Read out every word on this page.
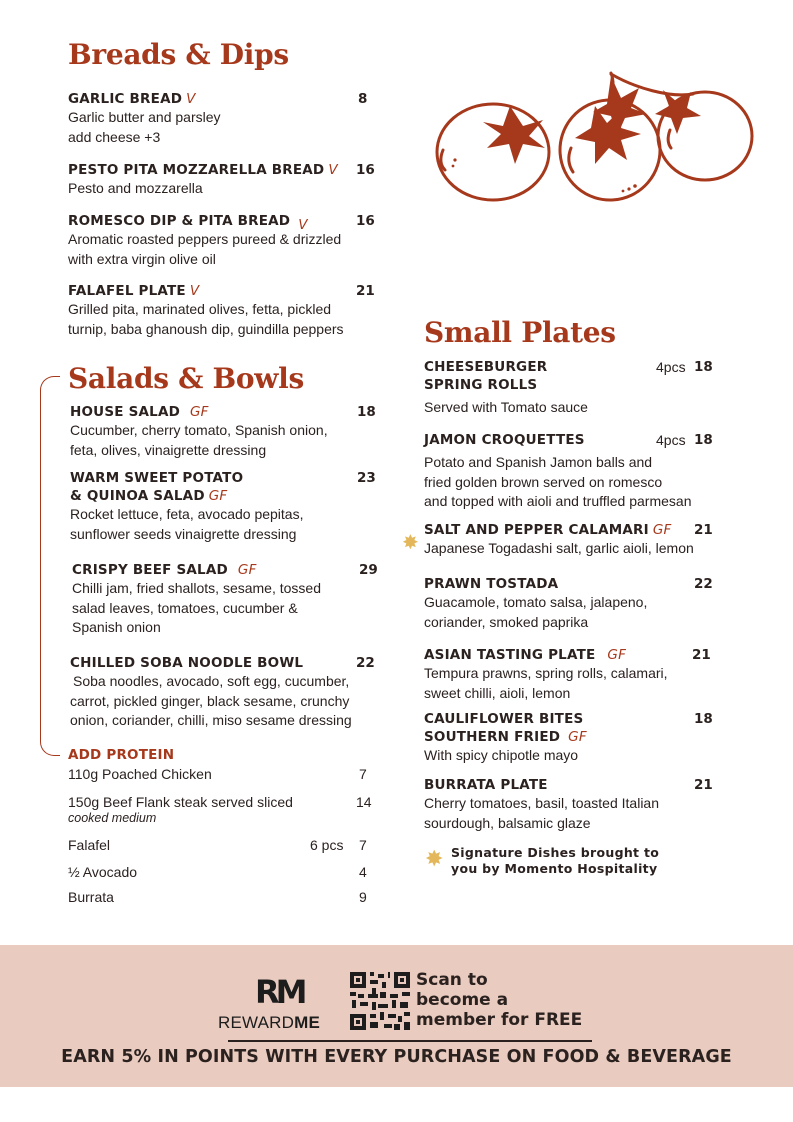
Breads & Dips
GARLIC BREAD V
Garlic butter and parsley
add cheese +3
8
PESTO PITA MOZZARELLA BREAD V
Pesto and mozzarella
16
ROMESCO DIP & PITA BREAD V
Aromatic roasted peppers pureed & drizzled
with extra virgin olive oil
16
FALAFEL PLATE V
Grilled pita, marinated olives, fetta, pickled
turnip, baba ghanoush dip, guindilla peppers
21
Salads & Bowls
HOUSE SALAD GF
Cucumber, cherry tomato, Spanish onion,
feta, olives, vinaigrette dressing
18
WARM SWEET POTATO
& QUINOA SALAD GF
Rocket lettuce, feta, avocado pepitas,
sunflower seeds vinaigrette dressing
23
CRISPY BEEF SALAD GF
Chilli jam, fried shallots, sesame, tossed
salad leaves, tomatoes, cucumber &
Spanish onion
29
CHILLED SOBA NOODLE BOWL
Soba noodles, avocado, soft egg, cucumber,
carrot, pickled ginger, black sesame, crunchy
onion, coriander, chilli, miso sesame dressing
22
ADD PROTEIN
110g Poached Chicken	7
150g Beef Flank steak served sliced
cooked medium
14
Falafel	6 pcs 7
½ Avocado	4
Burrata	9
Small Plates
CHEESEBURGER
SPRING ROLLS
Served with Tomato sauce
4pcs 18
JAMON CROQUETTES
Potato and Spanish Jamon balls and
fried golden brown served on romesco
and topped with aioli and truffled parmesan
4pcs 18
✸
SALT AND PEPPER CALAMARI GF
Japanese Togadashi salt, garlic aioli, lemon
21
PRAWN TOSTADA
Guacamole, tomato salsa, jalapeno,
coriander, smoked paprika
22
ASIAN TASTING PLATE GF
Tempura prawns, spring rolls, calamari,
sweet chilli, aioli, lemon
21
CAULIFLOWER BITES
SOUTHERN FRIED GF
With spicy chipotle mayo
18
BURRATA PLATE
Cherry tomatoes, basil, toasted Italian
sourdough, balsamic glaze
21
✸ Signature Dishes brought to
you by Momento Hospitality
RM
REWARDME
Scan to
become a
member for FREE
EARN 5% IN POINTS WITH EVERY PURCHASE ON FOOD & BEVERAGE
